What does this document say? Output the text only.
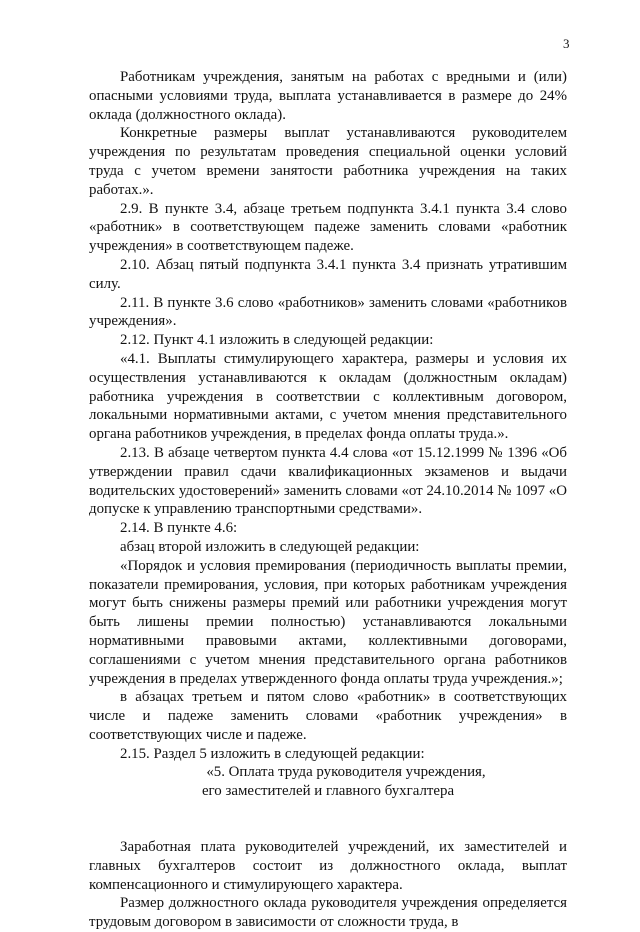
3

Работникам учреждения, занятым на работах с вредными и (или) опасными условиями труда, выплата устанавливается в размере до 24% оклада (должностного оклада).

Конкретные размеры выплат устанавливаются руководителем учреждения по результатам проведения специальной оценки условий труда с учетом времени занятости работника учреждения на таких работах.».

2.9. В пункте 3.4, абзаце третьем подпункта 3.4.1 пункта 3.4 слово «работник» в соответствующем падеже заменить словами «работник учреждения» в соответствующем падеже.

2.10. Абзац пятый подпункта 3.4.1 пункта 3.4 признать утратившим силу.

2.11. В пункте 3.6 слово «работников» заменить словами «работников учреждения».

2.12. Пункт 4.1 изложить в следующей редакции:

«4.1. Выплаты стимулирующего характера, размеры и условия их осуществления устанавливаются к окладам (должностным окладам) работника учреждения в соответствии с коллективным договором, локальными нормативными актами, с учетом мнения представительного органа работников учреждения, в пределах фонда оплаты труда.».

2.13. В абзаце четвертом пункта 4.4 слова «от 15.12.1999 № 1396 «Об утверждении правил сдачи квалификационных экзаменов и выдачи водительских удостоверений» заменить словами «от 24.10.2014 № 1097 «О допуске к управлению транспортными средствами».

2.14. В пункте 4.6:

абзац второй изложить в следующей редакции:

«Порядок и условия премирования (периодичность выплаты премии, показатели премирования, условия, при которых работникам учреждения могут быть снижены размеры премий или работники учреждения могут быть лишены премии полностью) устанавливаются локальными нормативными правовыми актами, коллективными договорами, соглашениями с учетом мнения представительного органа работников учреждения в пределах утвержденного фонда оплаты труда учреждения.»;

в абзацах третьем и пятом слово «работник» в соответствующих числе и падеже заменить словами «работник учреждения» в соответствующих числе и падеже.

2.15. Раздел 5 изложить в следующей редакции:

«5. Оплата труда руководителя учреждения,

его заместителей и главного бухгалтера

Заработная плата руководителей учреждений, их заместителей и главных бухгалтеров состоит из должностного оклада, выплат компенсационного и стимулирующего характера.

Размер должностного оклада руководителя учреждения определяется трудовым договором в зависимости от сложности труда, в
